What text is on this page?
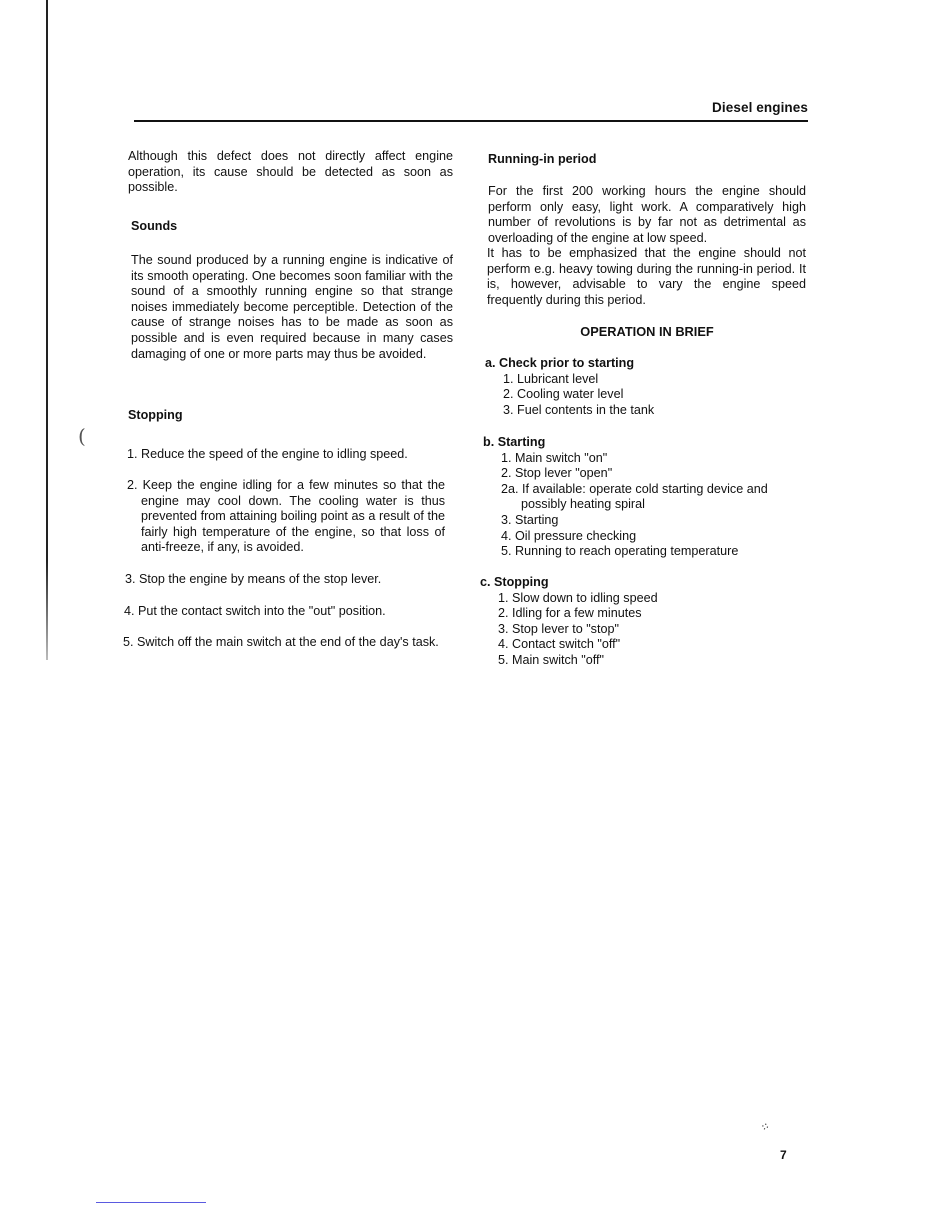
(
⁘
Diesel engines
Although this defect does not directly affect engine operation, its cause should be detected as soon as possible.
Sounds
The sound produced by a running engine is indicative of its smooth operating. One becomes soon familiar with the sound of a smoothly running engine so that strange noises immediately become perceptible. Detection of the cause of strange noises has to be made as soon as possible and is even required because in many cases damaging of one or more parts may thus be avoided.
Stopping
1. Reduce the speed of the engine to idling speed.
2. Keep the engine idling for a few minutes so that the engine may cool down. The cooling water is thus prevented from attaining boiling point as a result of the fairly high temperature of the engine, so that loss of anti-freeze, if any, is avoided.
3. Stop the engine by means of the stop lever.
4. Put the contact switch into the "out" position.
5. Switch off the main switch at the end of the day's task.
Running-in period
For the first 200 working hours the engine should perform only easy, light work. A comparatively high number of revolutions is by far not as detrimental as overloading of the engine at low speed.
It has to be emphasized that the engine should not perform e.g. heavy towing during the running-in period. It is, however, advisable to vary the engine speed frequently during this period.
OPERATION IN BRIEF
a. Check prior to starting
1. Lubricant level
2. Cooling water level
3. Fuel contents in the tank
b. Starting
1. Main switch "on"
2. Stop lever "open"
2a. If available: operate cold starting device and
possibly heating spiral
3. Starting
4. Oil pressure checking
5. Running to reach operating temperature
c. Stopping
1. Slow down to idling speed
2. Idling for a few minutes
3. Stop lever to "stop"
4. Contact switch "off"
5. Main switch "off"
7
